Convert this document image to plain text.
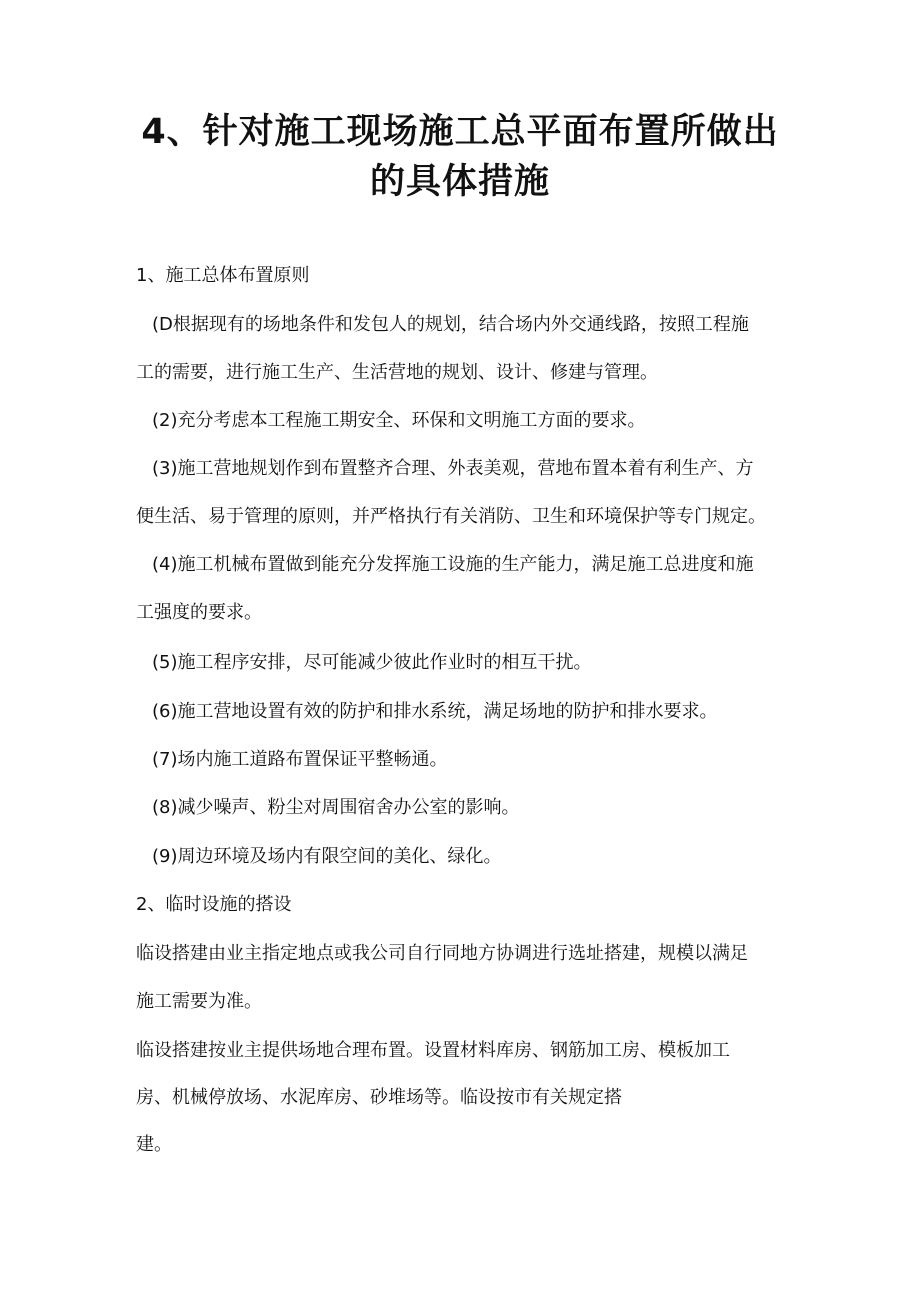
4、针对施工现场施工总平面布置所做出
的具体措施

1、施工总体布置原则

(D根据现有的场地条件和发包人的规划，结合场内外交通线路，按照工程施

工的需要，进行施工生产、生活营地的规划、设计、修建与管理。

(2)充分考虑本工程施工期安全、环保和文明施工方面的要求。

(3)施工营地规划作到布置整齐合理、外表美观，营地布置本着有利生产、方

便生活、易于管理的原则，并严格执行有关消防、卫生和环境保护等专门规定。

(4)施工机械布置做到能充分发挥施工设施的生产能力，满足施工总进度和施

工强度的要求。

(5)施工程序安排，尽可能减少彼此作业时的相互干扰。

(6)施工营地设置有效的防护和排水系统，满足场地的防护和排水要求。

(7)场内施工道路布置保证平整畅通。

(8)减少噪声、粉尘对周围宿舍办公室的影响。

(9)周边环境及场内有限空间的美化、绿化。

2、临时设施的搭设

临设搭建由业主指定地点或我公司自行同地方协调进行选址搭建，规模以满足

施工需要为准。

临设搭建按业主提供场地合理布置。设置材料库房、钢筋加工房、模板加工

房、机械停放场、水泥库房、砂堆场等。临设按市有关规定搭

建。
